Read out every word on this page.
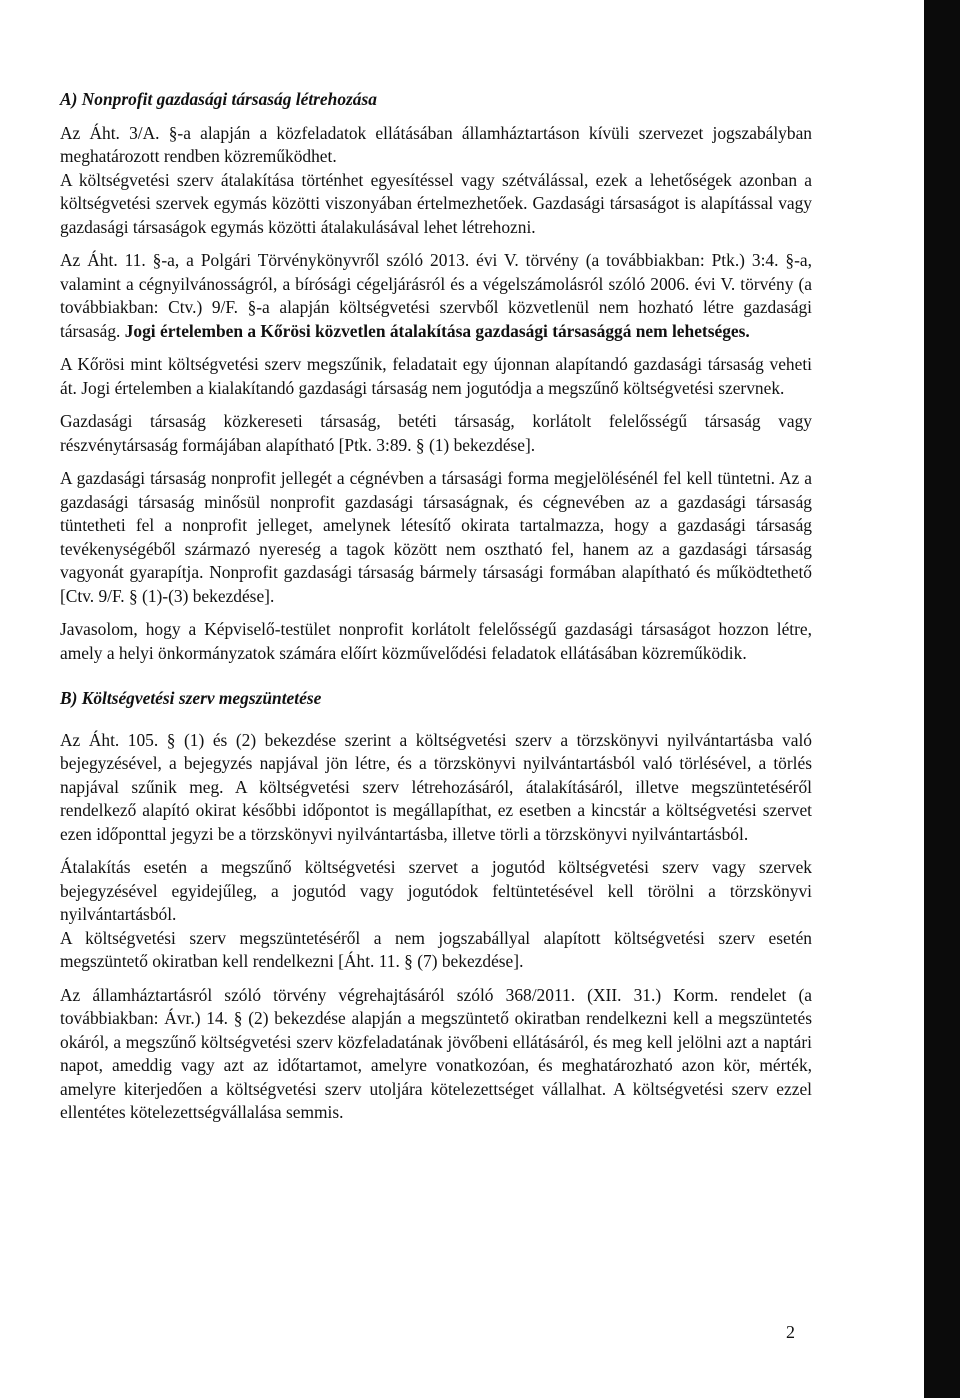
A) Nonprofit gazdasági társaság létrehozása

Az Áht. 3/A. §-a alapján a közfeladatok ellátásában államháztartáson kívüli szervezet jogszabályban meghatározott rendben közreműködhet.

A költségvetési szerv átalakítása történhet egyesítéssel vagy szétválással, ezek a lehetőségek azonban a költségvetési szervek egymás közötti viszonyában értelmezhetőek. Gazdasági társaságot is alapítással vagy gazdasági társaságok egymás közötti átalakulásával lehet létrehozni.

Az Áht. 11. §-a, a Polgári Törvénykönyvről szóló 2013. évi V. törvény (a továbbiakban: Ptk.) 3:4. §-a, valamint a cégnyilvánosságról, a bírósági cégeljárásról és a végelszámolásról szóló 2006. évi V. törvény (a továbbiakban: Ctv.) 9/F. §-a alapján költségvetési szervből közvetlenül nem hozható létre gazdasági társaság. Jogi értelemben a Kőrösi közvetlen átalakítása gazdasági társasággá nem lehetséges.

A Kőrösi mint költségvetési szerv megszűnik, feladatait egy újonnan alapítandó gazdasági társaság veheti át. Jogi értelemben a kialakítandó gazdasági társaság nem jogutódja a megszűnő költségvetési szervnek.

Gazdasági társaság közkereseti társaság, betéti társaság, korlátolt felelősségű társaság vagy részvénytársaság formájában alapítható [Ptk. 3:89. § (1) bekezdése].

A gazdasági társaság nonprofit jellegét a cégnévben a társasági forma megjelölésénél fel kell tüntetni. Az a gazdasági társaság minősül nonprofit gazdasági társaságnak, és cégnevében az a gazdasági társaság tüntetheti fel a nonprofit jelleget, amelynek létesítő okirata tartalmazza, hogy a gazdasági társaság tevékenységéből származó nyereség a tagok között nem osztható fel, hanem az a gazdasági társaság vagyonát gyarapítja. Nonprofit gazdasági társaság bármely társasági formában alapítható és működtethető [Ctv. 9/F. § (1)-(3) bekezdése].

Javasolom, hogy a Képviselő-testület nonprofit korlátolt felelősségű gazdasági társaságot hozzon létre, amely a helyi önkormányzatok számára előírt közművelődési feladatok ellátásában közreműködik.

B) Költségvetési szerv megszüntetése

Az Áht. 105. § (1) és (2) bekezdése szerint a költségvetési szerv a törzskönyvi nyilvántartásba való bejegyzésével, a bejegyzés napjával jön létre, és a törzskönyvi nyilvántartásból való törlésével, a törlés napjával szűnik meg. A költségvetési szerv létrehozásáról, átalakításáról, illetve megszüntetéséről rendelkező alapító okirat későbbi időpontot is megállapíthat, ez esetben a kincstár a költségvetési szervet ezen időponttal jegyzi be a törzskönyvi nyilvántartásba, illetve törli a törzskönyvi nyilvántartásból.

Átalakítás esetén a megszűnő költségvetési szervet a jogutód költségvetési szerv vagy szervek bejegyzésével egyidejűleg, a jogutód vagy jogutódok feltüntetésével kell törölni a törzskönyvi nyilvántartásból.

A költségvetési szerv megszüntetéséről a nem jogszabállyal alapított költségvetési szerv esetén megszüntető okiratban kell rendelkezni [Áht. 11. § (7) bekezdése].

Az államháztartásról szóló törvény végrehajtásáról szóló 368/2011. (XII. 31.) Korm. rendelet (a továbbiakban: Ávr.) 14. § (2) bekezdése alapján a megszüntető okiratban rendelkezni kell a megszüntetés okáról, a megszűnő költségvetési szerv közfeladatának jövőbeni ellátásáról, és meg kell jelölni azt a naptári napot, ameddig vagy azt az időtartamot, amelyre vonatkozóan, és meghatározható azon kör, mérték, amelyre kiterjedően a költségvetési szerv utoljára kötelezettséget vállalhat. A költségvetési szerv ezzel ellentétes kötelezettségvállalása semmis.

2
